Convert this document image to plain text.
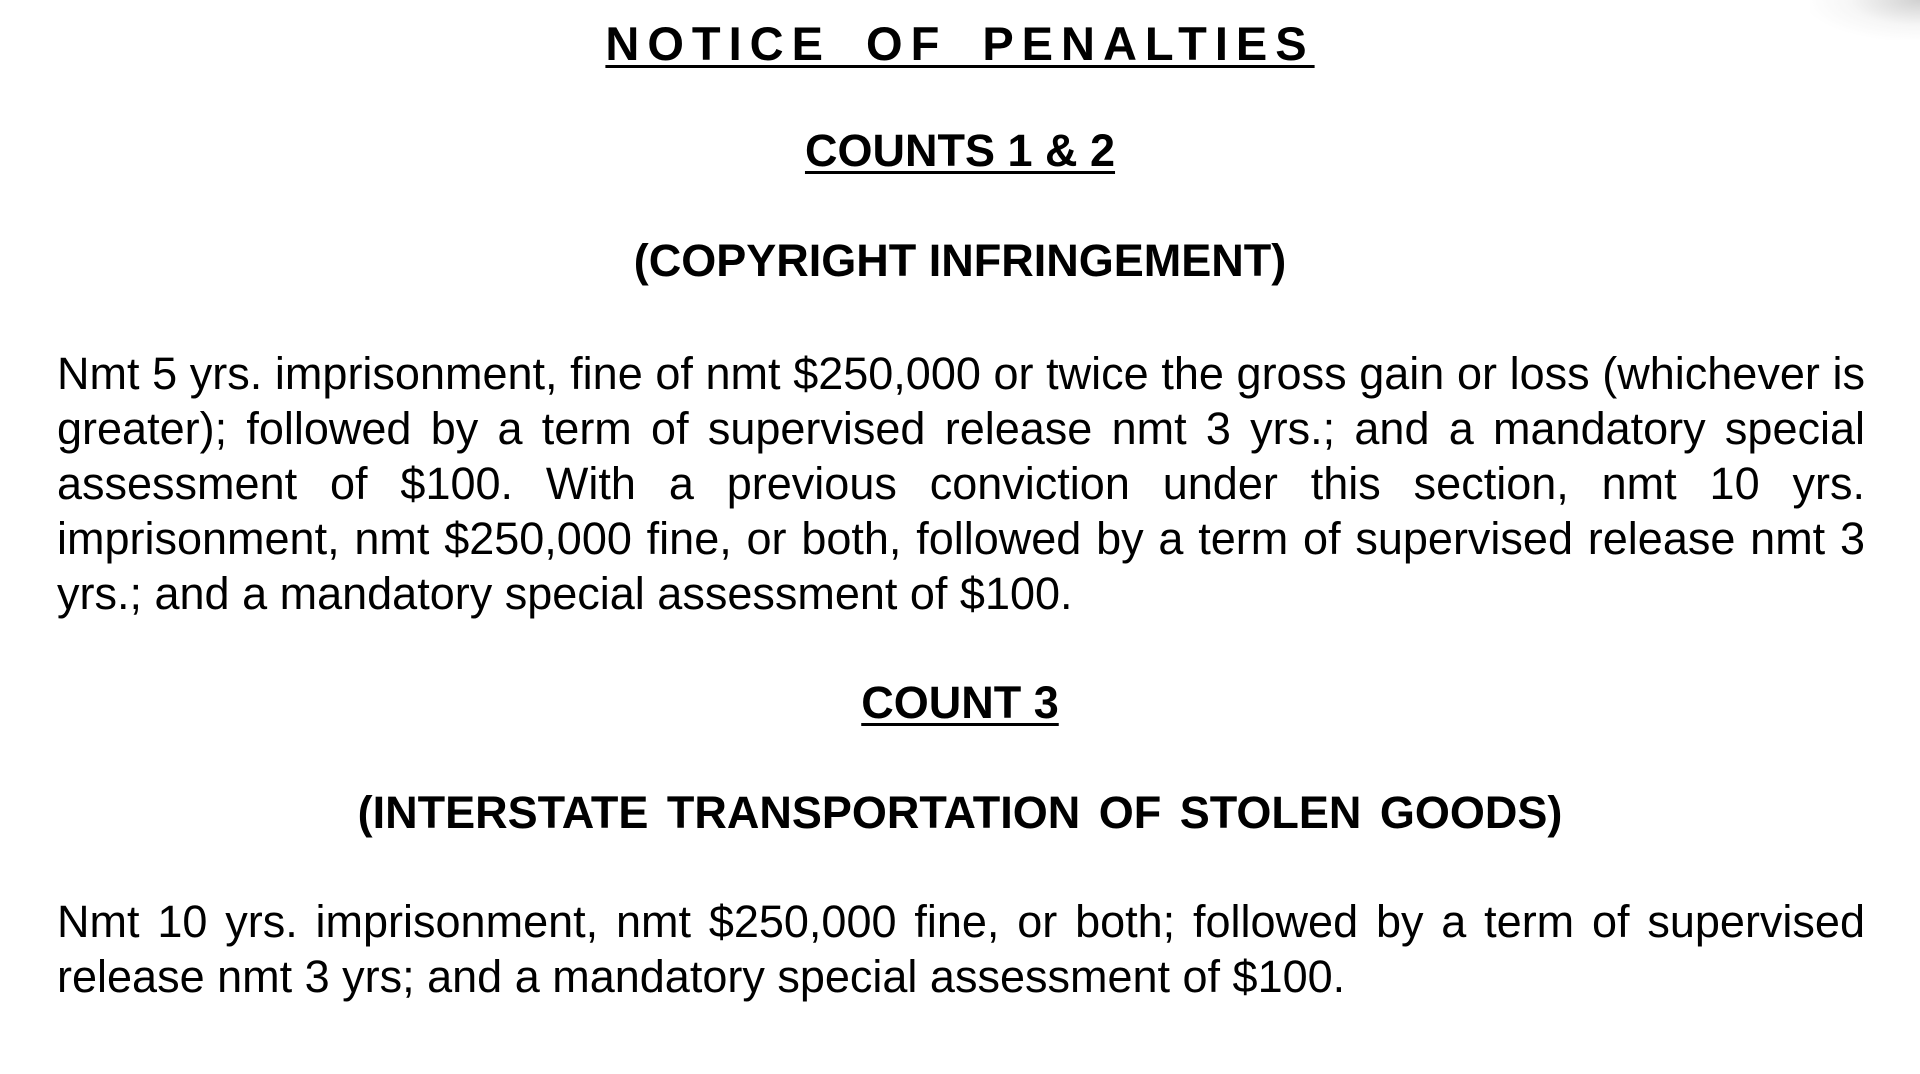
NOTICE OF PENALTIES
COUNTS 1 & 2
(COPYRIGHT INFRINGEMENT)

Nmt 5 yrs. imprisonment, fine of nmt $250,000 or twice the gross gain or loss (whichever is greater); followed by a term of supervised release nmt 3 yrs.; and a mandatory special assessment of $100. With a previous conviction under this section, nmt 10 yrs. imprisonment, nmt $250,000 fine, or both, followed by a term of supervised release nmt 3 yrs.; and a mandatory special assessment of $100.

COUNT 3
(INTERSTATE TRANSPORTATION OF STOLEN GOODS)

Nmt 10 yrs. imprisonment, nmt $250,000 fine, or both; followed by a term of supervised release nmt 3 yrs; and a mandatory special assessment of $100.
